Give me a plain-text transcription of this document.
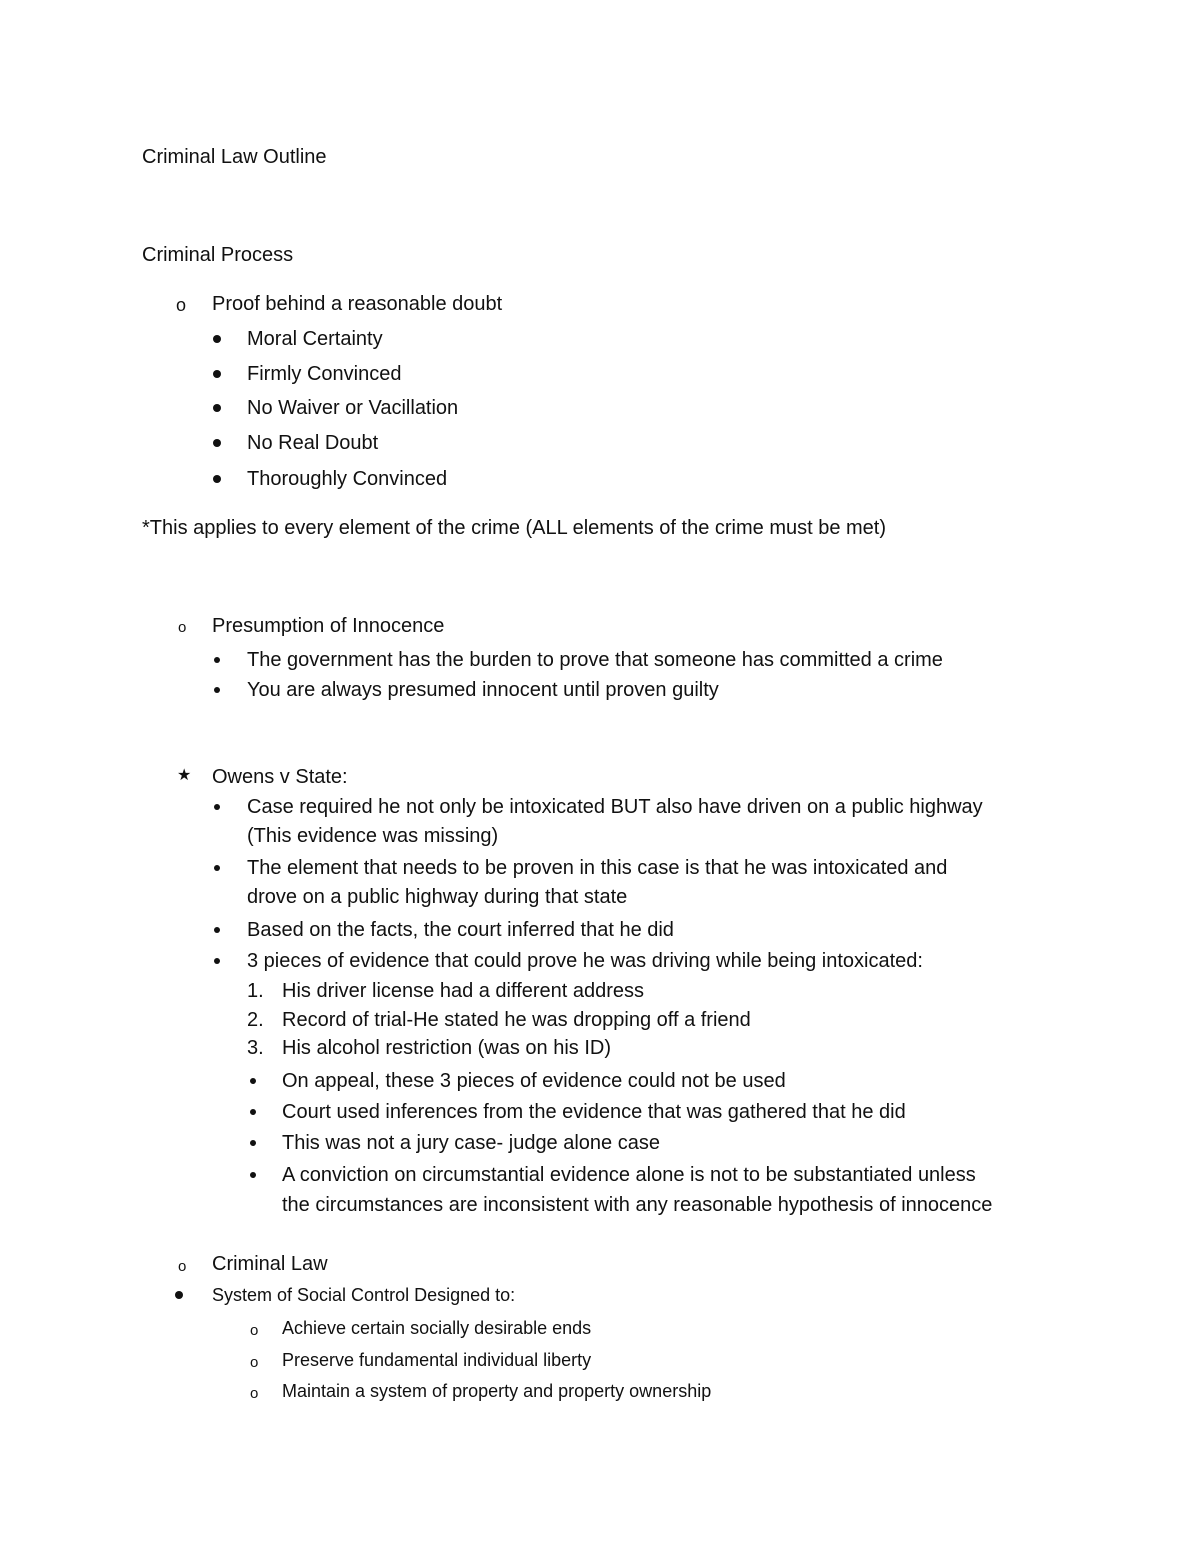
Criminal Law Outline
Criminal Process
o Proof behind a reasonable doubt
Moral Certainty
Firmly Convinced
No Waiver or Vacillation
No Real Doubt
Thoroughly Convinced
*This applies to every element of the crime (ALL elements of the crime must be met)
o Presumption of Innocence
The government has the burden to prove that someone has committed a crime
You are always presumed innocent until proven guilty
★ Owens v State:
Case required he not only be intoxicated BUT also have driven on a public highway
(This evidence was missing)
The element that needs to be proven in this case is that he was intoxicated and
drove on a public highway during that state
Based on the facts, the court inferred that he did
3 pieces of evidence that could prove he was driving while being intoxicated:
1. His driver license had a different address
2. Record of trial-He stated he was dropping off a friend
3. His alcohol restriction (was on his ID)
On appeal, these 3 pieces of evidence could not be used
Court used inferences from the evidence that was gathered that he did
This was not a jury case- judge alone case
A conviction on circumstantial evidence alone is not to be substantiated unless
the circumstances are inconsistent with any reasonable hypothesis of innocence
o Criminal Law
System of Social Control Designed to:
o Achieve certain socially desirable ends
o Preserve fundamental individual liberty
o Maintain a system of property and property ownership
